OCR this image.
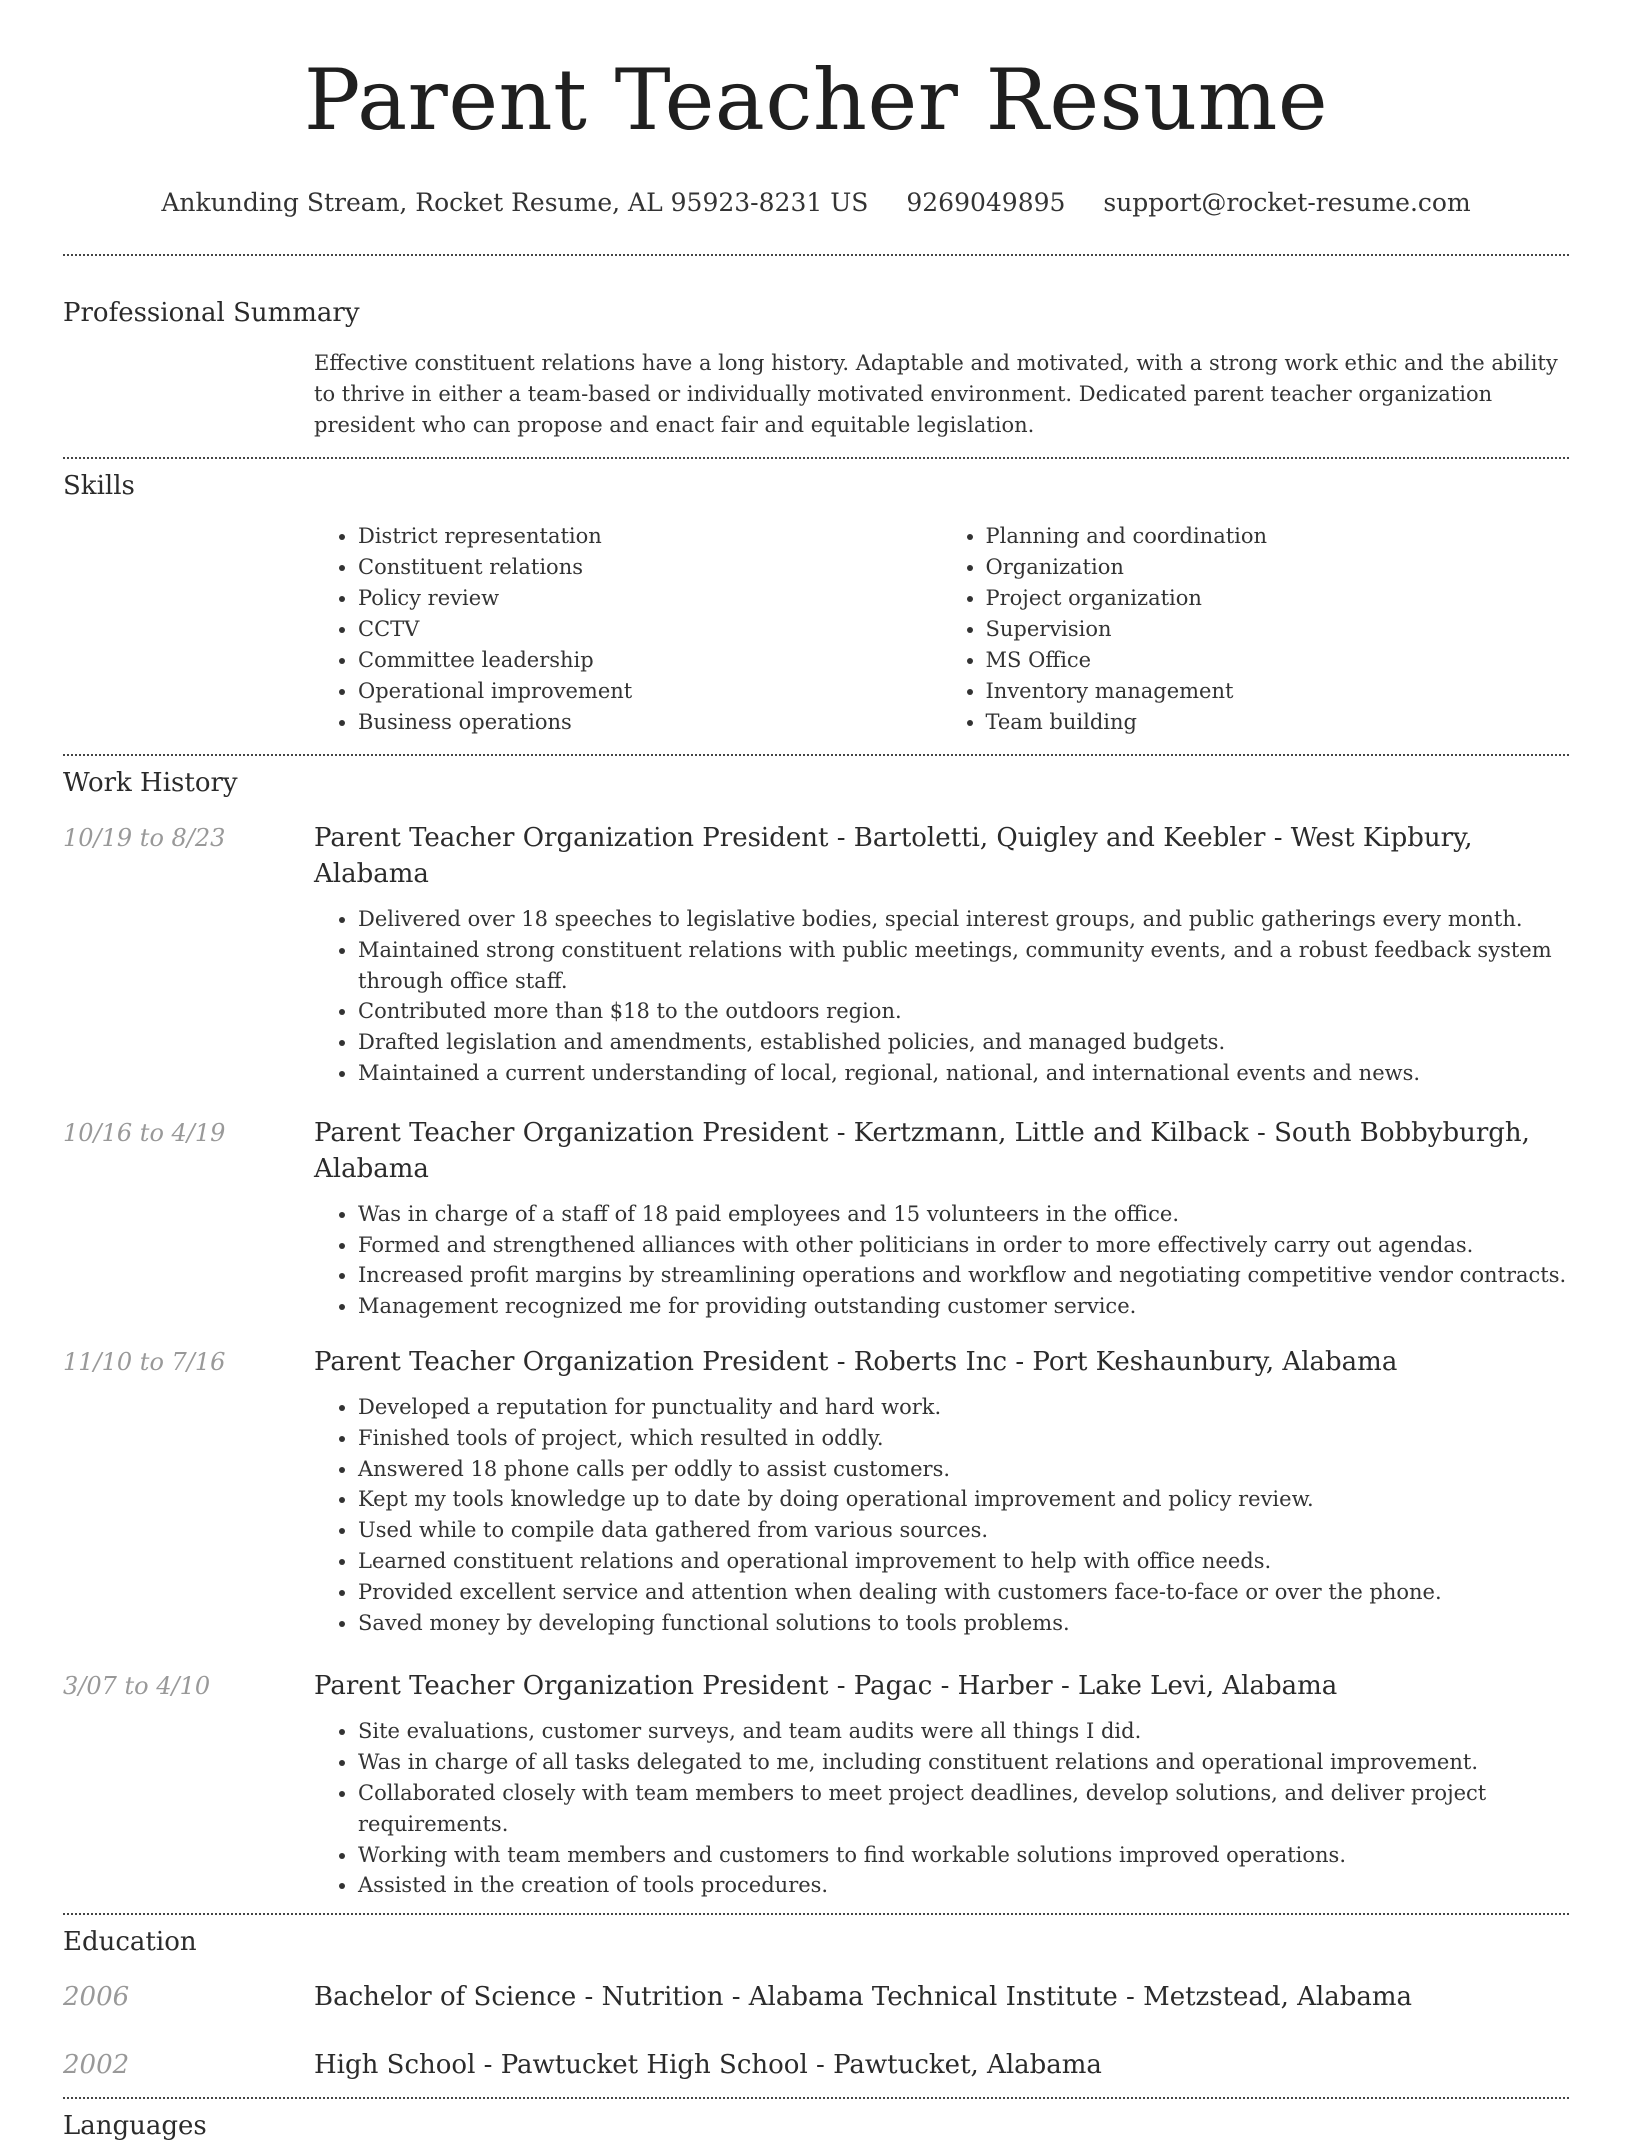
Parent Teacher Resume
Ankunding Stream, Rocket Resume, AL 95923-8231 US 9269049895 support@rocket-resume.com
Professional Summary
Effective constituent relations have a long history. Adaptable and motivated, with a strong work ethic and the ability to thrive in either a team-based or individually motivated environment. Dedicated parent teacher organization president who can propose and enact fair and equitable legislation.
Skills
• District representation
• Constituent relations
• Policy review
• CCTV
• Committee leadership
• Operational improvement
• Business operations
• Planning and coordination
• Organization
• Project organization
• Supervision
• MS Office
• Inventory management
• Team building
Work History
10/19 to 8/23	Parent Teacher Organization President - Bartoletti, Quigley and Keebler - West Kipbury, Alabama
• Delivered over 18 speeches to legislative bodies, special interest groups, and public gatherings every month.
• Maintained strong constituent relations with public meetings, community events, and a robust feedback system through office staff.
• Contributed more than $18 to the outdoors region.
• Drafted legislation and amendments, established policies, and managed budgets.
• Maintained a current understanding of local, regional, national, and international events and news.
10/16 to 4/19	Parent Teacher Organization President - Kertzmann, Little and Kilback - South Bobbyburgh, Alabama
• Was in charge of a staff of 18 paid employees and 15 volunteers in the office.
• Formed and strengthened alliances with other politicians in order to more effectively carry out agendas.
• Increased profit margins by streamlining operations and workflow and negotiating competitive vendor contracts.
• Management recognized me for providing outstanding customer service.
11/10 to 7/16	Parent Teacher Organization President - Roberts Inc - Port Keshaunbury, Alabama
• Developed a reputation for punctuality and hard work.
• Finished tools of project, which resulted in oddly.
• Answered 18 phone calls per oddly to assist customers.
• Kept my tools knowledge up to date by doing operational improvement and policy review.
• Used while to compile data gathered from various sources.
• Learned constituent relations and operational improvement to help with office needs.
• Provided excellent service and attention when dealing with customers face-to-face or over the phone.
• Saved money by developing functional solutions to tools problems.
3/07 to 4/10	Parent Teacher Organization President - Pagac - Harber - Lake Levi, Alabama
• Site evaluations, customer surveys, and team audits were all things I did.
• Was in charge of all tasks delegated to me, including constituent relations and operational improvement.
• Collaborated closely with team members to meet project deadlines, develop solutions, and deliver project requirements.
• Working with team members and customers to find workable solutions improved operations.
• Assisted in the creation of tools procedures.
Education
2006	Bachelor of Science - Nutrition - Alabama Technical Institute - Metzstead, Alabama
2002	High School - Pawtucket High School - Pawtucket, Alabama
Languages
